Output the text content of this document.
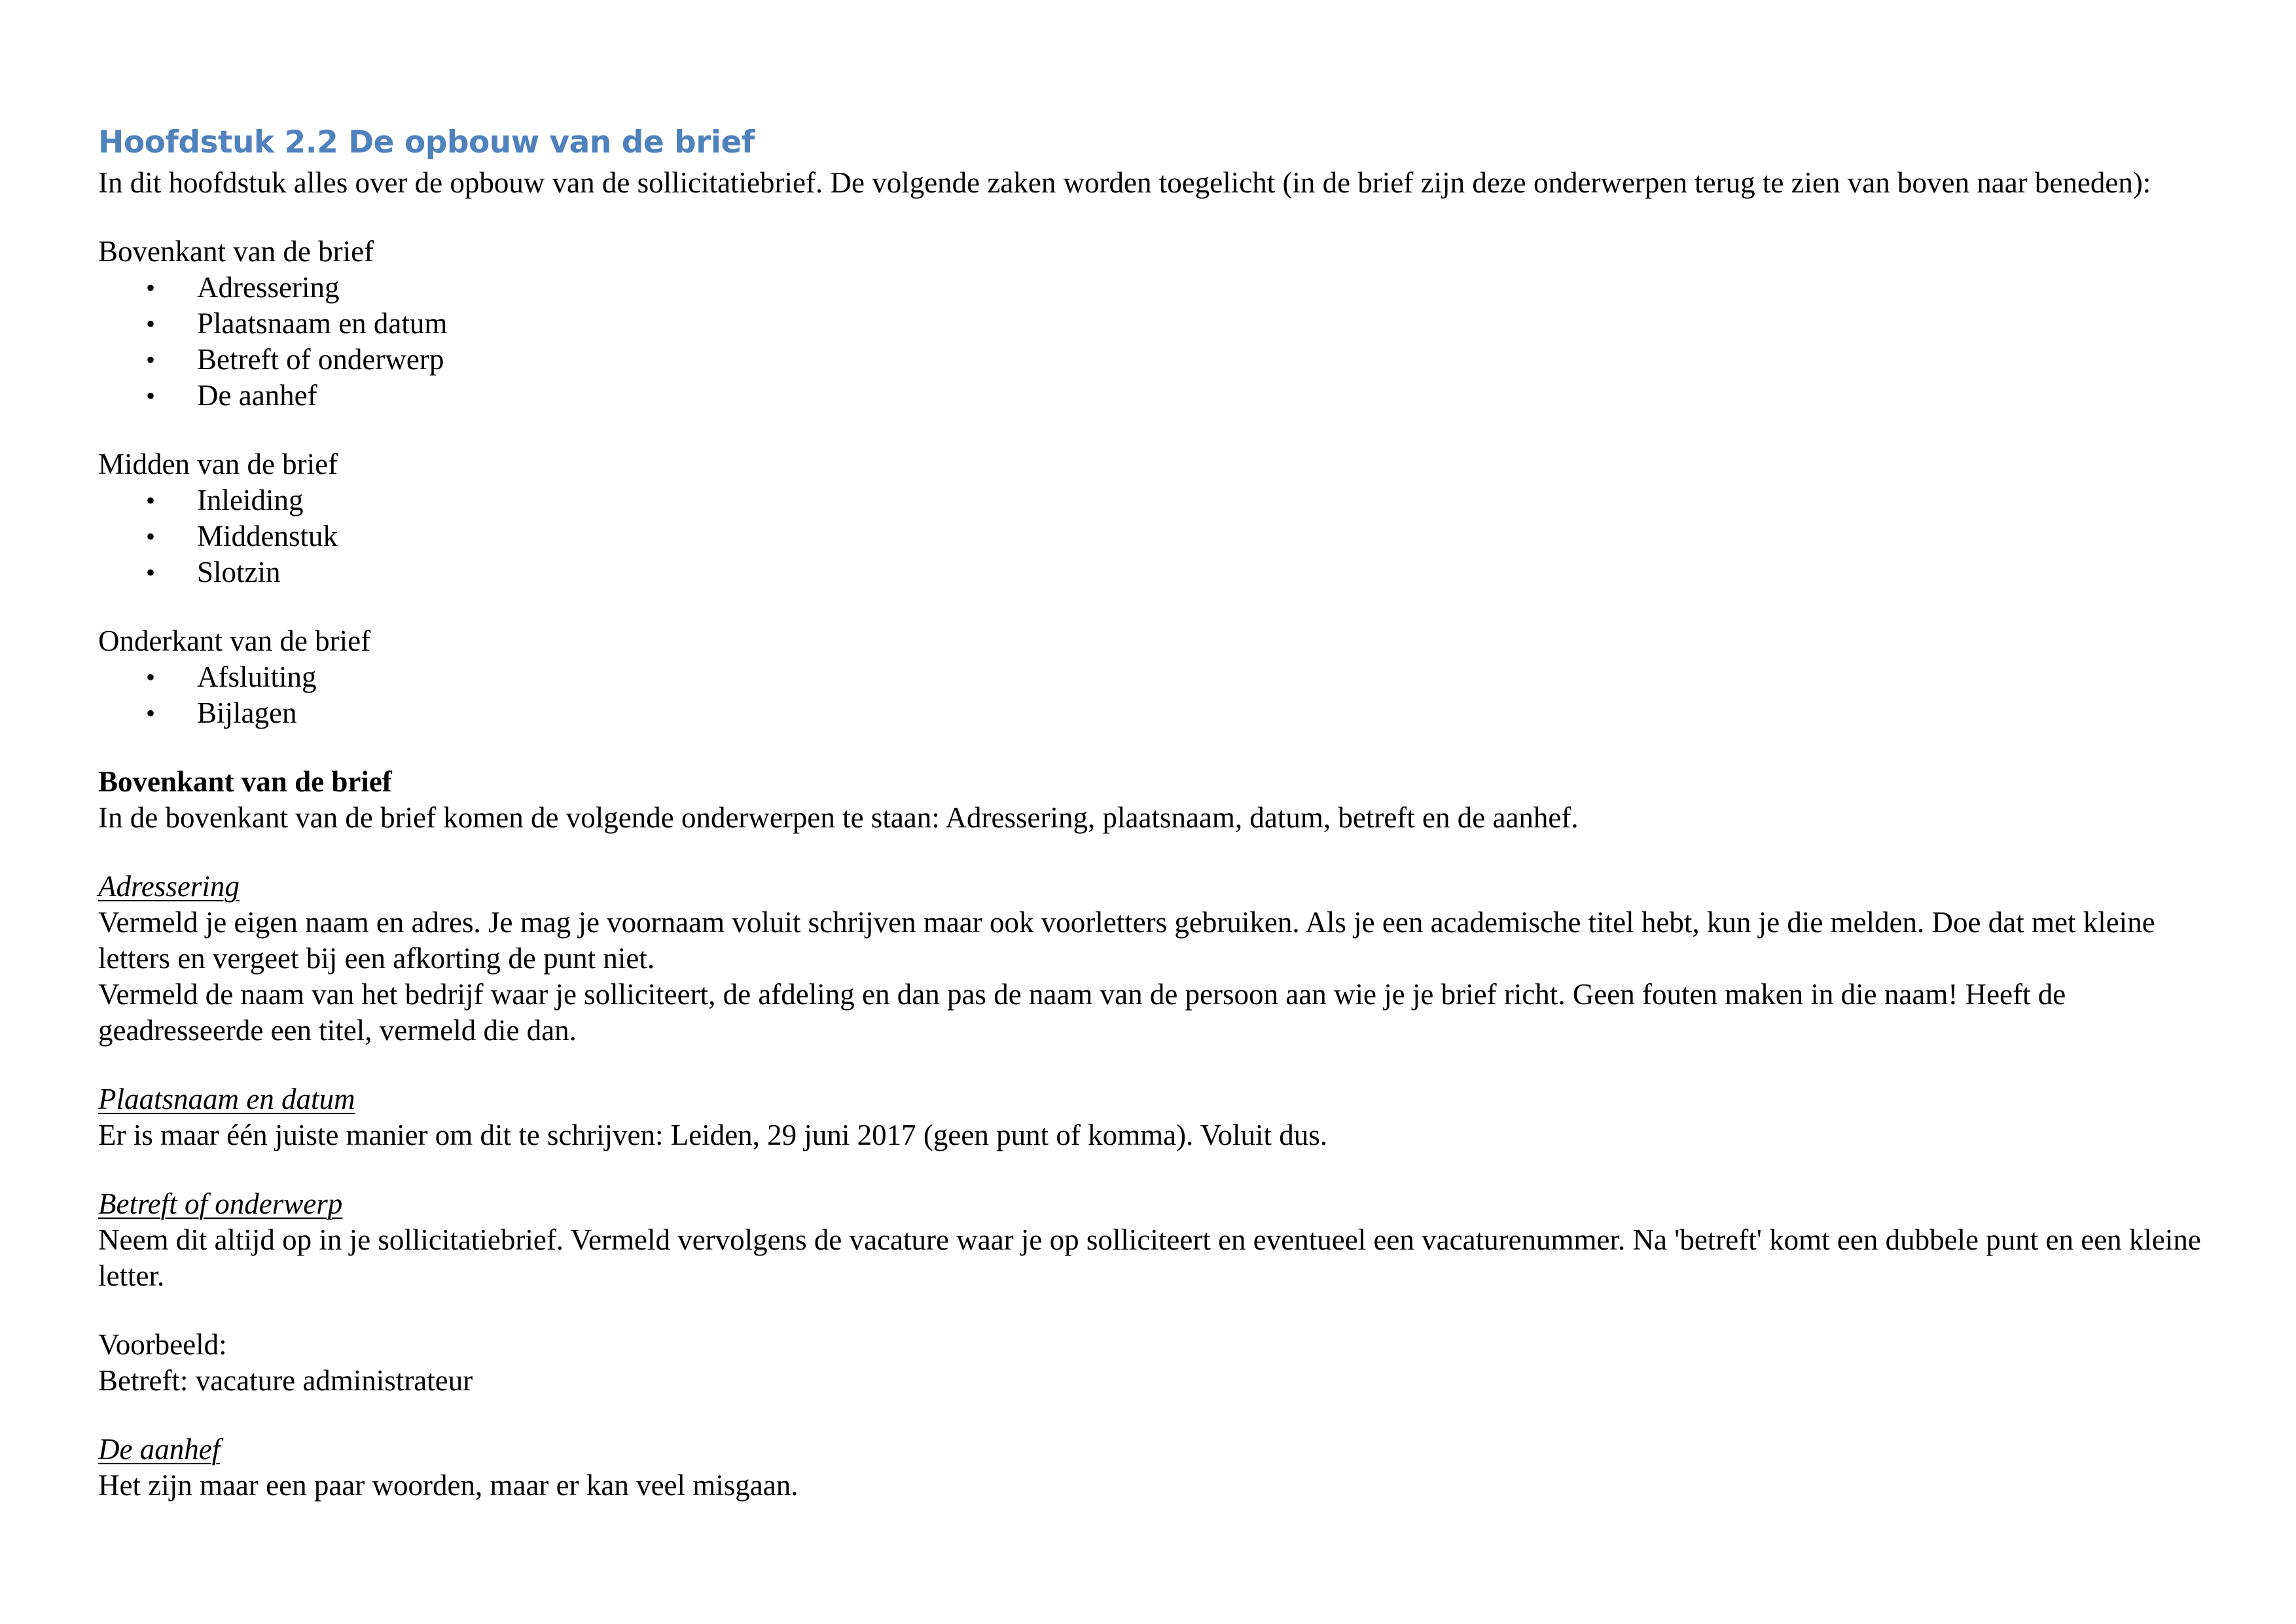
Hoofdstuk 2.2 De opbouw van de brief

In dit hoofdstuk alles over de opbouw van de sollicitatiebrief. De volgende zaken worden toegelicht (in de brief zijn deze onderwerpen terug te zien van boven naar beneden):

Bovenkant van de brief

• Adressering
• Plaatsnaam en datum
• Betreft of onderwerp
• De aanhef

Midden van de brief

• Inleiding
• Middenstuk
• Slotzin

Onderkant van de brief

• Afsluiting
• Bijlagen

Bovenkant van de brief

In de bovenkant van de brief komen de volgende onderwerpen te staan: Adressering, plaatsnaam, datum, betreft en de aanhef.

Adressering

Vermeld je eigen naam en adres. Je mag je voornaam voluit schrijven maar ook voorletters gebruiken. Als je een academische titel hebt, kun je die melden. Doe dat met kleine letters en vergeet bij een afkorting de punt niet.

Vermeld de naam van het bedrijf waar je solliciteert, de afdeling en dan pas de naam van de persoon aan wie je je brief richt. Geen fouten maken in die naam! Heeft de geadresseerde een titel, vermeld die dan.

Plaatsnaam en datum

Er is maar één juiste manier om dit te schrijven: Leiden, 29 juni 2017 (geen punt of komma). Voluit dus.

Betreft of onderwerp

Neem dit altijd op in je sollicitatiebrief. Vermeld vervolgens de vacature waar je op solliciteert en eventueel een vacaturenummer. Na 'betreft' komt een dubbele punt en een kleine letter.

Voorbeeld:

Betreft: vacature administrateur

De aanhef

Het zijn maar een paar woorden, maar er kan veel misgaan.
